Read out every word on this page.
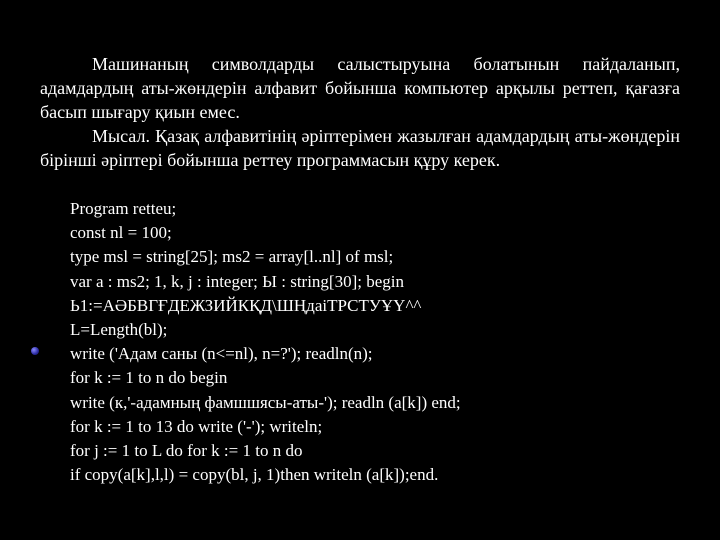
Машинаның символдарды салыстыруына болатынын пайдаланып, адамдардың аты-жөндерін алфавит бойынша компьютер арқылы реттеп, қағазға басып шығару қиын емес.

Мысал. Қазақ алфавитінің әріптерімен жазылған адамдардың аты-жөндерін бірінші әріптері бойынша реттеу программасын құру керек.

Program retteu;
const nl = 100;
type msl = string[25]; ms2 = array[l..nl] of msl;
var a : ms2; 1, k, j : integer; Ы : string[30]; begin
Ь1:=АӘБВГҒДЕЖЗИЙКҚД\ШҢдаіТРСТУҰҮ^^
L=Length(bl);
write ('Адам саны (n<=nl), n=?'); readln(n);
for k := 1 to n do begin
write (к,'-адамның фамшшясы-аты-'); readln (a[k]) end;
for k := 1 to 13 do write ('-'); writeln;
for j := 1 to L do for k := 1 to n do
if copy(a[k],l,l) = copy(bl, j, 1)then writeln (a[k]);end.
